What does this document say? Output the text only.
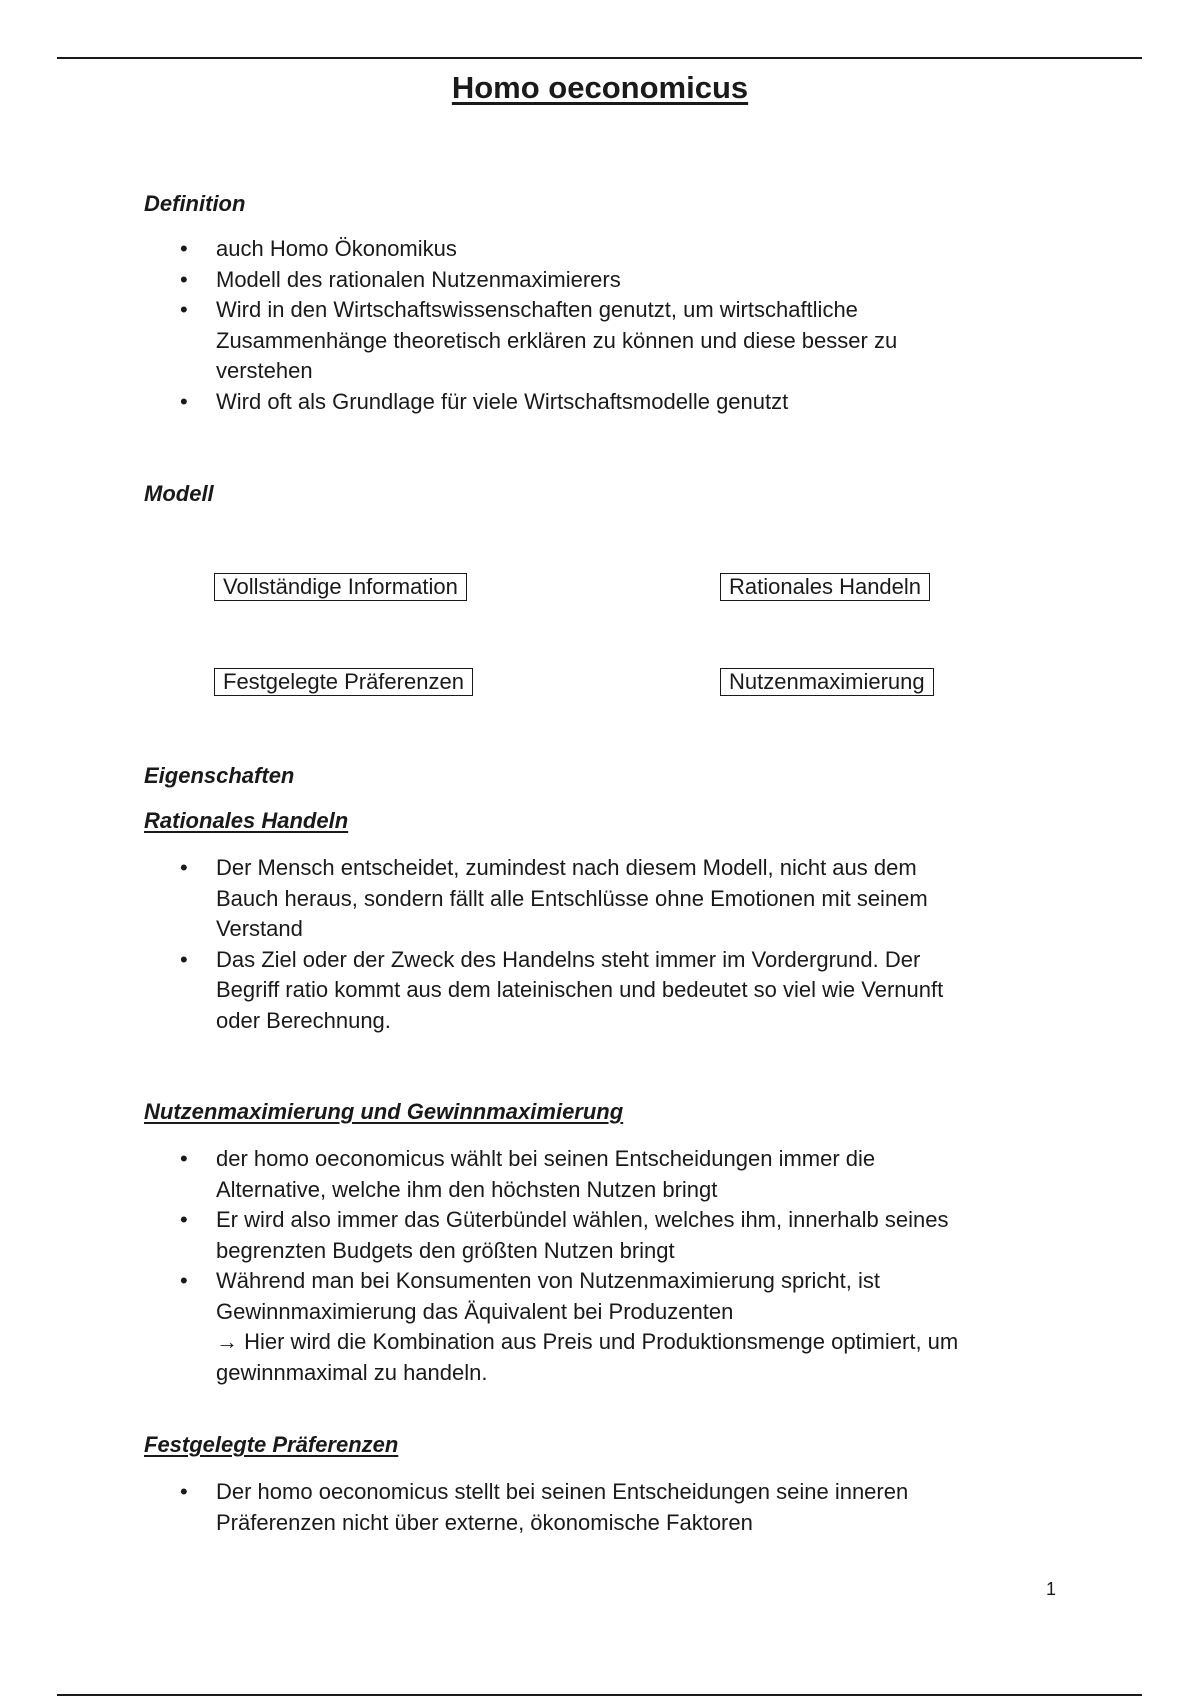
Homo oeconomicus
Definition
• auch Homo Ökonomikus
• Modell des rationalen Nutzenmaximierers
• Wird in den Wirtschaftswissenschaften genutzt, um wirtschaftliche
Zusammenhänge theoretisch erklären zu können und diese besser zu
verstehen
• Wird oft als Grundlage für viele Wirtschaftsmodelle genutzt
Modell
Vollständige Information	Rationales Handeln
Festgelegte Präferenzen	Nutzenmaximierung
Eigenschaften
Rationales Handeln
• Der Mensch entscheidet, zumindest nach diesem Modell, nicht aus dem
Bauch heraus, sondern fällt alle Entschlüsse ohne Emotionen mit seinem
Verstand
• Das Ziel oder der Zweck des Handelns steht immer im Vordergrund. Der
Begriff ratio kommt aus dem lateinischen und bedeutet so viel wie Vernunft
oder Berechnung.
Nutzenmaximierung und Gewinnmaximierung
• der homo oeconomicus wählt bei seinen Entscheidungen immer die
Alternative, welche ihm den höchsten Nutzen bringt
• Er wird also immer das Güterbündel wählen, welches ihm, innerhalb seines
begrenzten Budgets den größten Nutzen bringt
• Während man bei Konsumenten von Nutzenmaximierung spricht, ist
Gewinnmaximierung das Äquivalent bei Produzenten
→ Hier wird die Kombination aus Preis und Produktionsmenge optimiert, um
gewinnmaximal zu handeln.
Festgelegte Präferenzen
• Der homo oeconomicus stellt bei seinen Entscheidungen seine inneren
Präferenzen nicht über externe, ökonomische Faktoren
1
